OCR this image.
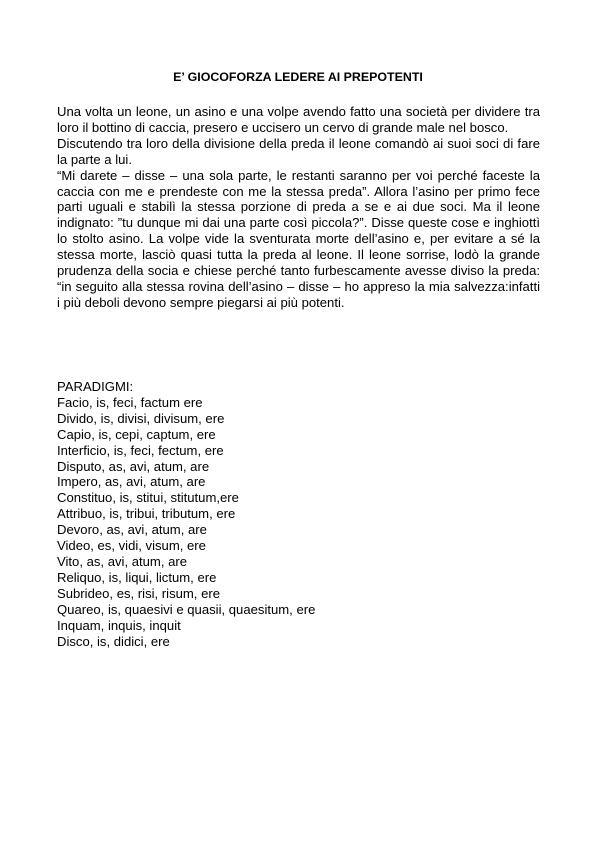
E’ GIOCOFORZA LEDERE AI PREPOTENTI

Una volta un leone, un asino e una volpe avendo fatto una società per dividere tra loro il bottino di caccia, presero e uccisero un cervo di grande male nel bosco.

Discutendo tra loro della divisione della preda il leone comandò ai suoi soci di fare la parte a lui.

“Mi darete – disse – una sola parte, le restanti saranno per voi perché faceste la caccia con me e prendeste con me la stessa preda”. Allora l’asino per primo fece parti uguali e stabilì la stessa porzione di preda a se e ai due soci. Ma il leone indignato: ”tu dunque mi dai una parte così piccola?”. Disse queste cose e inghiottì lo stolto asino. La volpe vide la sventurata morte dell’asino e, per evitare a sé la stessa morte, lasciò quasi tutta la preda al leone. Il leone sorrise, lodò la grande prudenza della socia e chiese perché tanto furbescamente avesse diviso la preda: “in seguito alla stessa rovina dell’asino – disse – ho appreso la mia salvezza:infatti i più deboli devono sempre piegarsi ai più potenti.

PARADIGMI:

Facio, is, feci, factum ere
Divido, is, divisi, divisum, ere
Capio, is, cepi, captum, ere
Interficio, is, feci, fectum, ere
Disputo, as, avi, atum, are
Impero, as, avi, atum, are
Constituo, is, stitui, stitutum,ere
Attribuo, is, tribui, tributum, ere
Devoro, as, avi, atum, are
Video, es, vidi, visum, ere
Vito, as, avi, atum, are
Reliquo, is, liqui, lictum, ere
Subrideo, es, risi, risum, ere
Quareo, is, quaesivi e quasii, quaesitum, ere
Inquam, inquis, inquit
Disco, is, didici, ere
